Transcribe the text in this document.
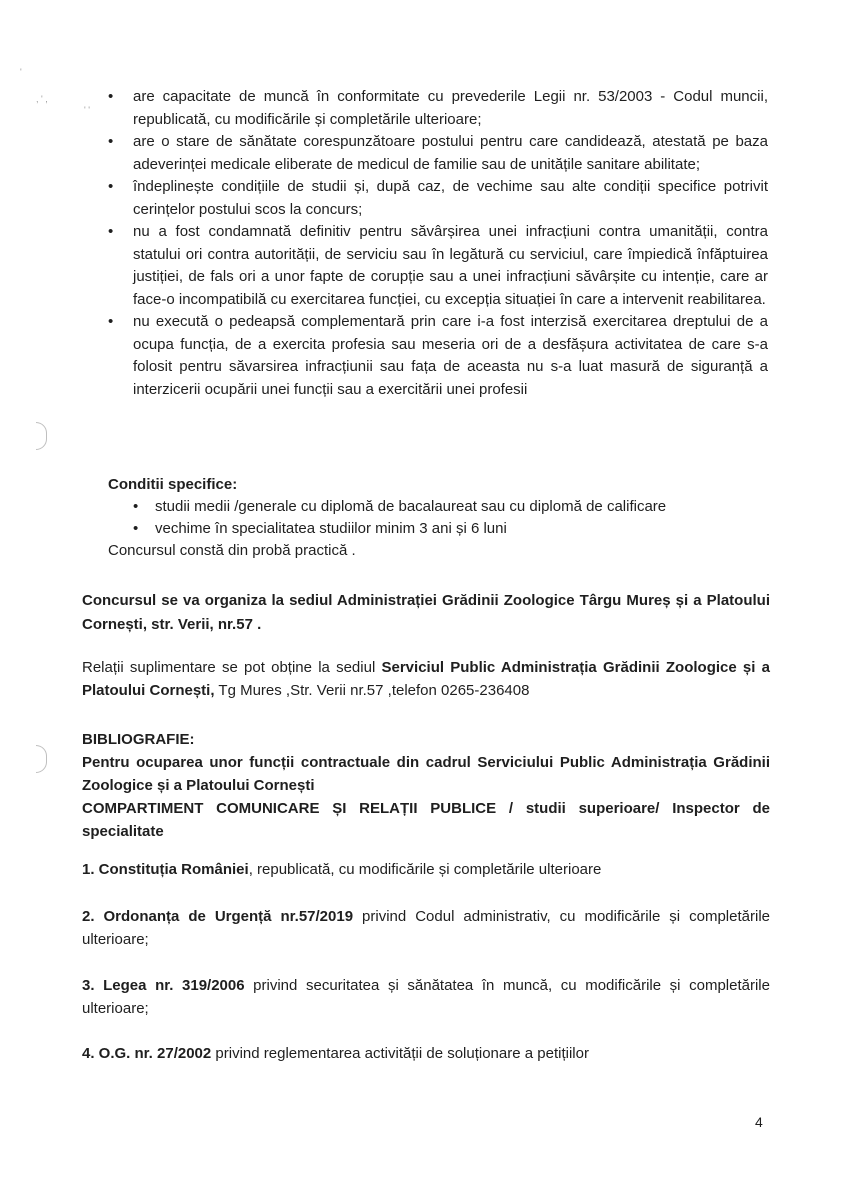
, ' ,
'
' '
• are capacitate de muncă în conformitate cu prevederile Legii nr. 53/2003 - Codul muncii, republicată, cu modificările și completările ulterioare;
• are o stare de sănătate corespunzătoare postului pentru care candidează, atestată pe baza adeverinței medicale eliberate de medicul de familie sau de unitățile sanitare abilitate;
• îndeplinește condițiile de studii și, după caz, de vechime sau alte condiții specifice potrivit cerințelor postului scos la concurs;
• nu a fost condamnată definitiv pentru săvârșirea unei infracțiuni contra umanității, contra statului ori contra autorității, de serviciu sau în legătură cu serviciul, care împiedică înfăptuirea justiției, de fals ori a unor fapte de corupție sau a unei infracțiuni săvârșite cu intenție, care ar face-o incompatibilă cu exercitarea funcției, cu excepția situației în care a intervenit reabilitarea.
• nu execută o pedeapsă complementară prin care i-a fost interzisă exercitarea dreptului de a ocupa funcția, de a exercita profesia sau meseria ori de a desfășura activitatea de care s-a folosit pentru săvarsirea infracțiunii sau fața de aceasta nu s-a luat masură de siguranță a interzicerii ocupării unei funcții sau a exercitării unei profesii
Conditii specifice:
• studii medii /generale cu diplomă de bacalaureat sau cu diplomă de calificare
• vechime în specialitatea studiilor minim 3 ani și 6 luni
Concursul constă din probă practică .
Concursul se va organiza la sediul Administrației Grădinii Zoologice Târgu Mureș și a Platoului Cornești, str. Verii, nr.57 .
Relații suplimentare se pot obține la sediul Serviciul Public Administrația Grădinii Zoologice și a Platoului Cornești, Tg Mures ,Str. Verii nr.57 ,telefon 0265-236408

BIBLIOGRAFIE:

Pentru ocuparea unor funcții contractuale din cadrul Serviciului Public Administrația Grădinii Zoologice și a Platoului Cornești

COMPARTIMENT COMUNICARE ȘI RELAȚII PUBLICE / studii superioare/ Inspector de specialitate

1. Constituția României, republicată, cu modificările și completările ulterioare
2. Ordonanța de Urgență nr.57/2019 privind Codul administrativ, cu modificările și completările ulterioare;
3. Legea nr. 319/2006 privind securitatea și sănătatea în muncă, cu modificările și completările ulterioare;
4. O.G. nr. 27/2002 privind reglementarea activității de soluționare a petițiilor
4
